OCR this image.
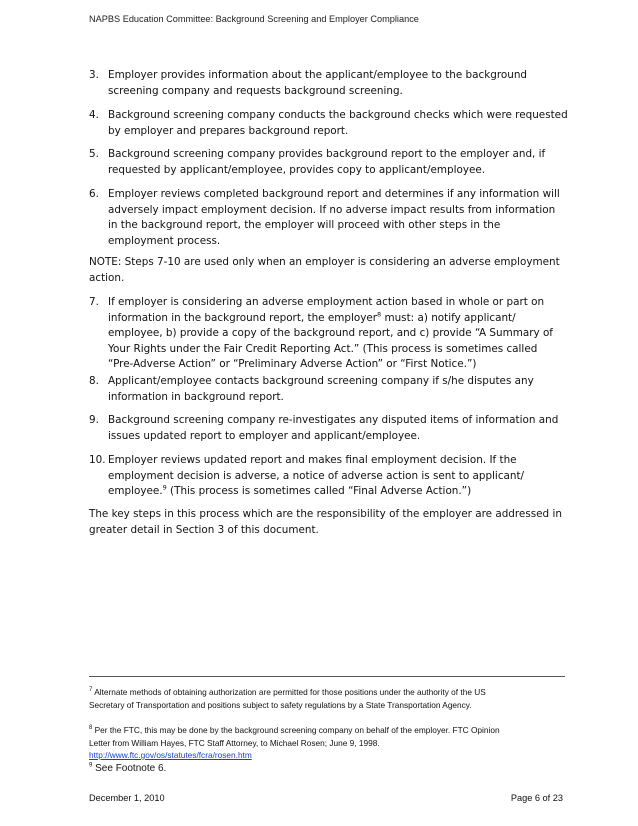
NAPBS Education Committee: Background Screening and Employer Compliance
3. Employer provides information about the applicant/employee to the background
screening company and requests background screening.
4. Background screening company conducts the background checks which were requested
by employer and prepares background report.
5. Background screening company provides background report to the employer and, if
requested by applicant/employee, provides copy to applicant/employee.
6. Employer reviews completed background report and determines if any information will
adversely impact employment decision. If no adverse impact results from information
in the background report, the employer will proceed with other steps in the
employment process.
NOTE: Steps 7-10 are used only when an employer is considering an adverse employment
action.
7. If employer is considering an adverse employment action based in whole or part on
information in the background report, the employer$^8$ must: a) notify applicant/
employee, b) provide a copy of the background report, and c) provide “A Summary of
Your Rights under the Fair Credit Reporting Act.” (This process is sometimes called
“Pre-Adverse Action” or “Preliminary Adverse Action” or “First Notice.”)
8. Applicant/employee contacts background screening company if s/he disputes any
information in background report.
9. Background screening company re-investigates any disputed items of information and
issues updated report to employer and applicant/employee.
10. Employer reviews updated report and makes final employment decision. If the
employment decision is adverse, a notice of adverse action is sent to applicant/
employee.$^9$ (This process is sometimes called “Final Adverse Action.”)
The key steps in this process which are the responsibility of the employer are addressed in
greater detail in Section 3 of this document.
$^7$ Alternate methods of obtaining authorization are permitted for those positions under the authority of the US
Secretary of Transportation and positions subject to safety regulations by a State Transportation Agency.
$^8$ Per the FTC, this may be done by the background screening company on behalf of the employer. FTC Opinion
Letter from William Hayes, FTC Staff Attorney, to Michael Rosen; June 9, 1998.
http://www.ftc.gov/os/statutes/fcra/rosen.htm
$^9$ See Footnote 6.
December 1, 2010	Page 6 of 23
